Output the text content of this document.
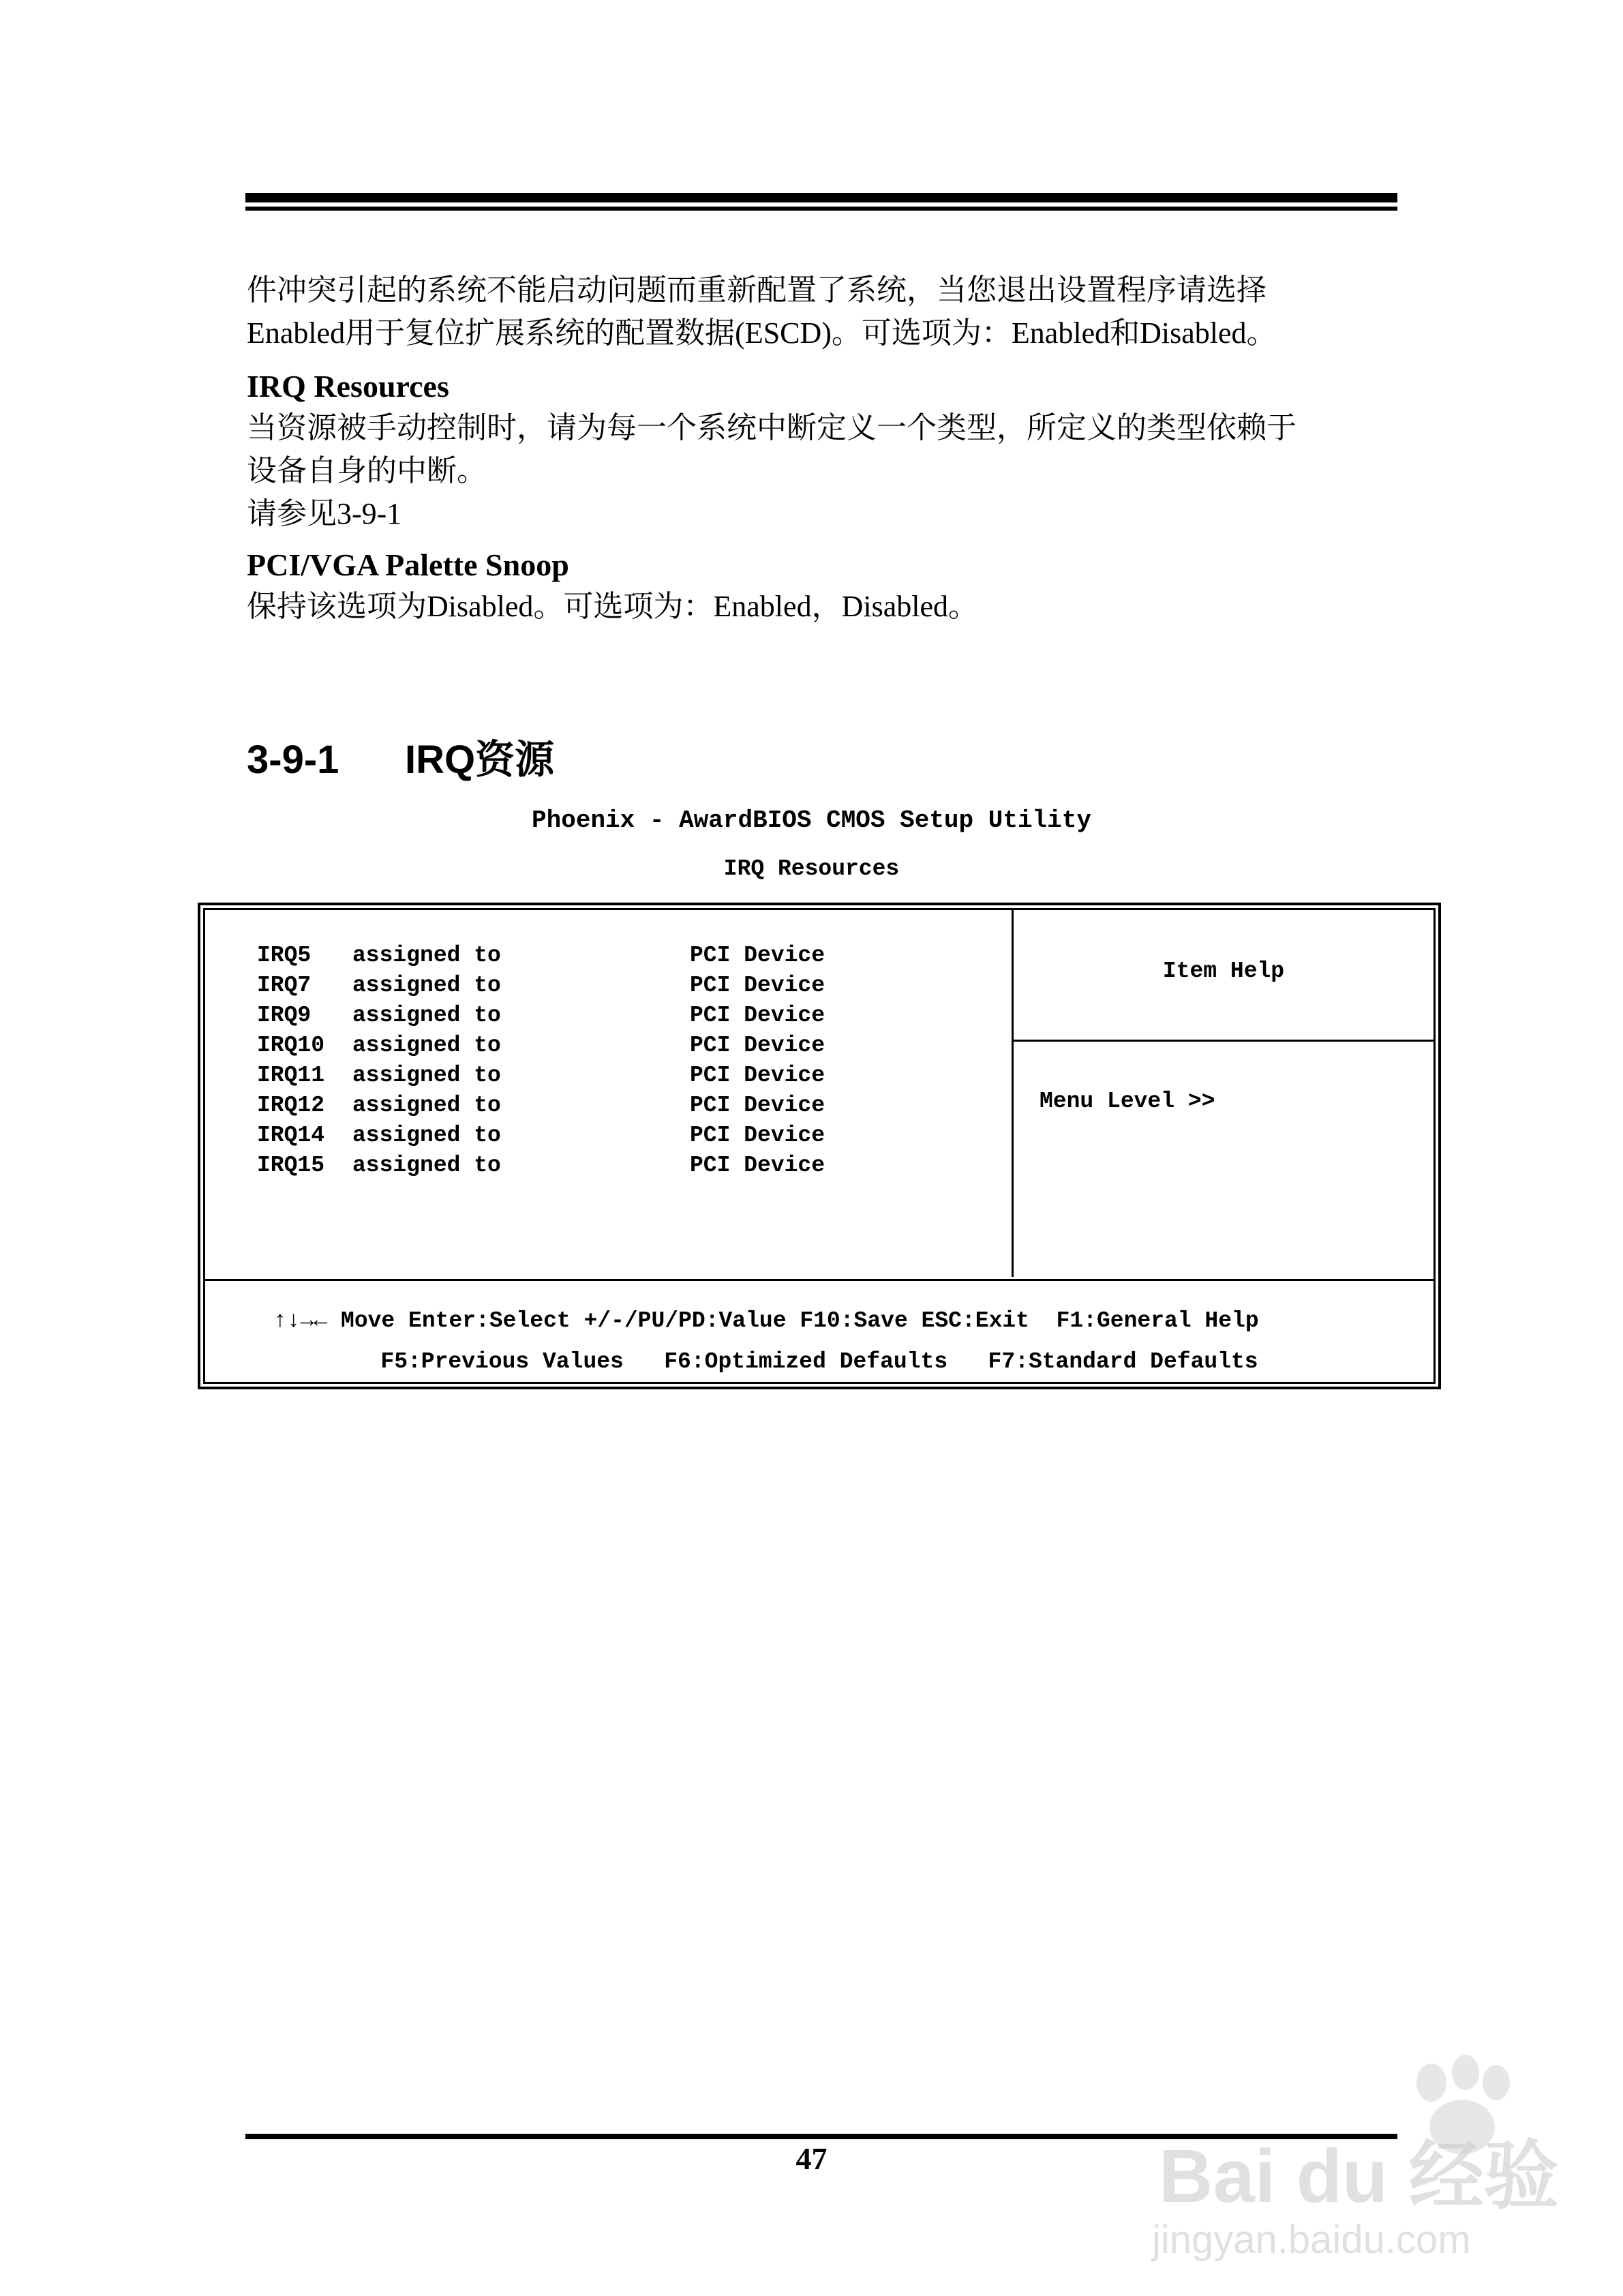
件冲突引起的系统不能启动问题而重新配置了系统，当您退出设置程序请选择
Enabled用于复位扩展系统的配置数据(ESCD)。可选项为：Enabled和Disabled。
IRQ Resources
当资源被手动控制时，请为每一个系统中断定义一个类型，所定义的类型依赖于
设备自身的中断。
请参见3-9-1
PCI/VGA Palette Snoop
保持该选项为Disabled。可选项为：Enabled，Disabled。
3-9-1 IRQ资源
Phoenix - AwardBIOS CMOS Setup Utility
IRQ Resources
IRQ5 assigned to	PCI Device
IRQ7 assigned to	PCI Device
IRQ9 assigned to	PCI Device
IRQ10 assigned to	PCI Device
IRQ11 assigned to	PCI Device
IRQ12 assigned to	PCI Device
IRQ14 assigned to	PCI Device
IRQ15 assigned to	PCI Device
Item Help
Menu Level >>
↑↓→← Move Enter:Select +/-/PU/PD:Value F10:Save ESC:Exit  F1:General Help
F5:Previous Values   F6:Optimized Defaults   F7:Standard Defaults
47	Bai du 经验
jingyan.baidu.com
